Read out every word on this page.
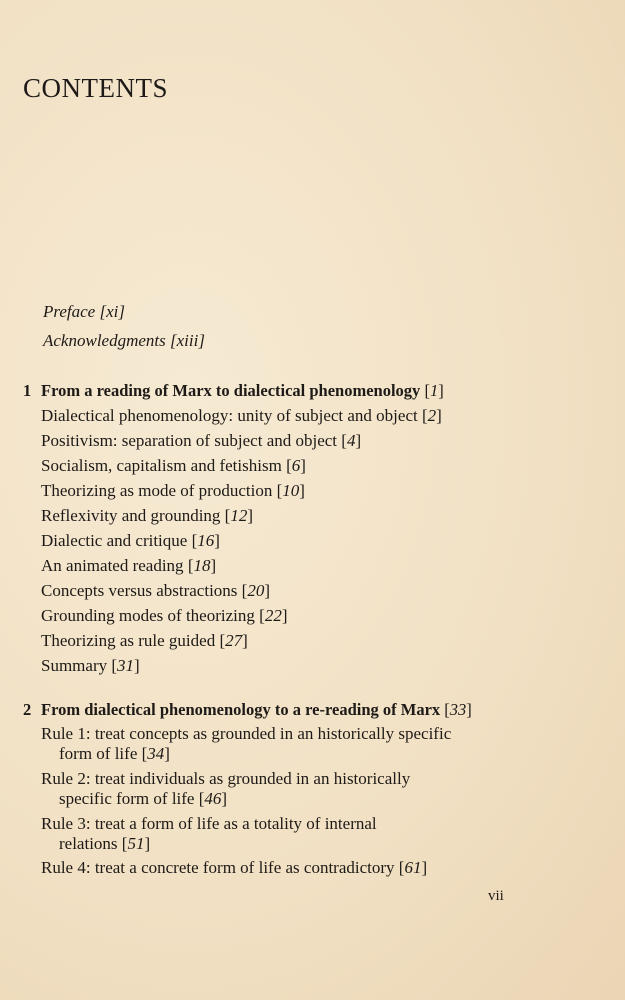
CONTENTS
Preface [xi]
Acknowledgments [xiii]
1 From a reading of Marx to dialectical phenomenology [1]
Dialectical phenomenology: unity of subject and object [2]
Positivism: separation of subject and object [4]
Socialism, capitalism and fetishism [6]
Theorizing as mode of production [10]
Reflexivity and grounding [12]
Dialectic and critique [16]
An animated reading [18]
Concepts versus abstractions [20]
Grounding modes of theorizing [22]
Theorizing as rule guided [27]
Summary [31]
2 From dialectical phenomenology to a re-reading of Marx [33]
Rule 1: treat concepts as grounded in an historically specific
form of life [34]
Rule 2: treat individuals as grounded in an historically
specific form of life [46]
Rule 3: treat a form of life as a totality of internal
relations [51]
Rule 4: treat a concrete form of life as contradictory [61]
vii
